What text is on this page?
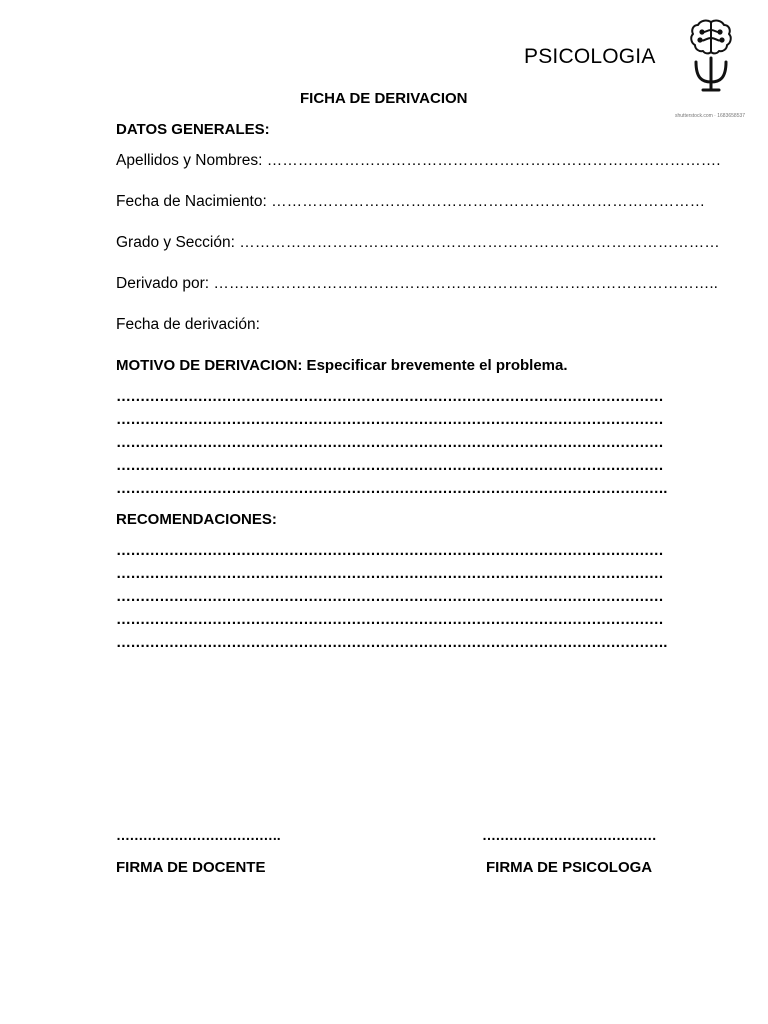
PSICOLOGIA
shutterstock.com · 1683658537
FICHA DE DERIVACION
DATOS GENERALES:
Apellidos y Nombres: …………………………………………………………………………….
Fecha de Nacimiento: …………………………………………………………………………
Grado y Sección: …………………………………………………………………………………
Derivado por: ……………………………………………………………………………………..
Fecha de derivación:
MOTIVO DE DERIVACION: Especificar brevemente el problema.
……………………………………………………………………………………………………
……………………………………………………………………………………………………
……………………………………………………………………………………………………
……………………………………………………………………………………………………
…………………………………………………………………………………………………….
RECOMENDACIONES:
……………………………………………………………………………………………………
……………………………………………………………………………………………………
……………………………………………………………………………………………………
……………………………………………………………………………………………………
…………………………………………………………………………………………………….
……………………………….	…………………………………
FIRMA DE DOCENTE	FIRMA DE PSICOLOGA
